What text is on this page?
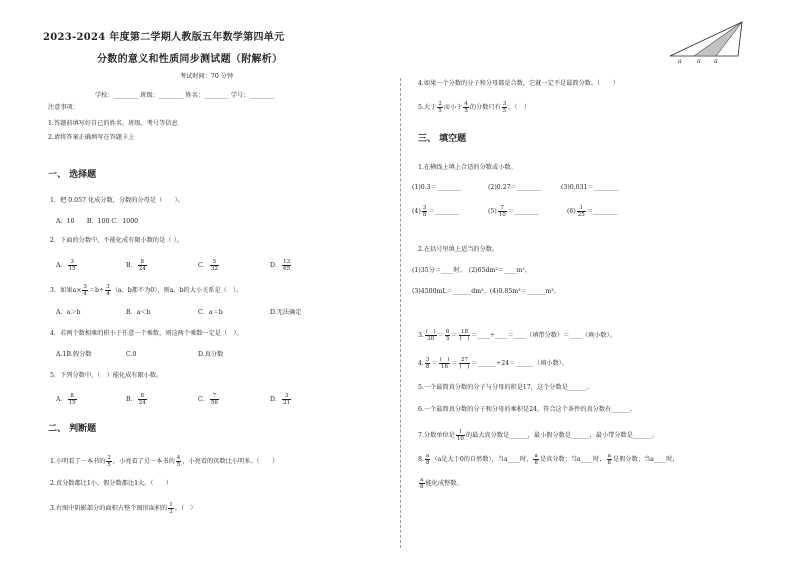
a a a
2023-2024 年度第二学期人教版五年数学第四单元
分数的意义和性质同步测试题（附解析）
考试时间：70 分钟
学校：________ 班级：________ 姓名：________ 学号：________
注意事项：
1.答题前填写好自己的姓名、班级、考号等信息
2.请将答案正确填写在答题卡上
一、 选择题
1．把 0.057 化成分数，分数的分母是（　　）。
A．10　　B．100 C．1000
2．下面的分数中，不能化成有限小数的是（ ）。
A． $\frac{3}{15}$	B． $\frac{8}{24}$	C． $\frac{5}{32}$	D． $\frac{13}{65}$
3．如果$a\times \frac{3}{4} =b\div \frac{3}{4} (a$、b都不为0），则a、b的大小关系是（　）。
A．a＞b	B．a＜b	C．a＝b	D.无法确定
4．若两个数相乘的积小于任意一个乘数，则这两个乘数一定是（　）。
A.1B.假分数	C.0	D.真分数
5．下列分数中，（　）能化成有限小数。
A． $\frac{8}{15}$	B． $\frac{8}{24}$	C． $\frac{7}{56}$	D． $\frac{3}{21}$
二、 判断题
1.小明看了一本书的 $\frac{2}{5}$ ，小亮看了另一本书的 $\frac{4}{5}$ ，小亮看的页数比小明多。（　　）
2.真分数都比1小，假分数都比1大。（　　）
3.右图中阴影部分的面积占整个图形面积的 $\frac{1}{3}$ 。（　）
4.如果一个分数的分子和分母都是合数，它就一定不是最简分数。（　　）
5.大于 $\frac{2}{5}$ 而小于 $\frac{4}{5}$ 的分数只有 $\frac{3}{5}$ 。（　）
三、 填空题
1.在横线上填上合适的分数或小数。
(1)0.3＝________	(2)0.27＝________	(3)0.031＝________
$(4) \frac{3}{8}$ ＝________	$(5) \frac{7}{10}$ ＝________	$(6) \frac{1}{25}$ ＝________
2.在括号里填上适当的分数。
(1)35分＝____时。　(2)65dm²＝____m²。
(3)4500mL＝______dm³。(4)0.85m³＝______m³。
3. $\frac{( )}{30} = \frac{6}{5} = \frac{18}{( )}$ ＝____÷____＝____（填带分数）＝____（填小数）。
4. $\frac{3}{8} = \frac{( )}{16} = \frac{27}{( )}$ ＝______÷24＝______（填小数）。
5.一个最简真分数的分子与分母的积是17，这个分数是______。
6.一个最简真分数的分子和分母的乘积是24，符合这个条件的真分数有______。
7.分数单位是 $\frac{1}{10}$ 的最大真分数是______，最小假分数是______，最小带分数是______。
8. $\frac{a}{8} (a$是大于0的自然数），当a____时， $\frac{a}{8}$ 是真分数；当a____时， $\frac{a}{8}$ 是假分数；当a____时，
$\frac{a}{8}$ 能化成整数。
